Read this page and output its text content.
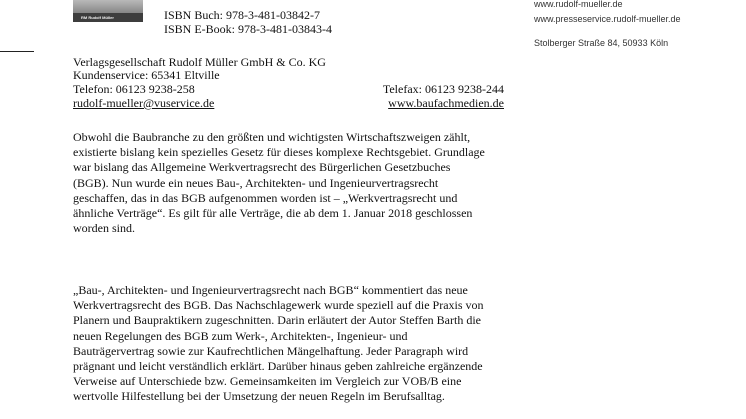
RM Rudolf Müller	ISBN Buch: 978-3-481-03842-7
ISBN E-Book: 978-3-481-03843-4
www.rudolf-mueller.de
www.presseservice.rudolf-mueller.de
Stolberger Straße 84, 50933 Köln
Verlagsgesellschaft Rudolf Müller GmbH & Co. KG
Kundenservice: 65341 Eltville
Telefon: 06123 9238-258	Telefax: 06123 9238-244
rudolf-mueller@vuservice.de	www.baufachmedien.de
Obwohl die Baubranche zu den größten und wichtigsten Wirtschaftszweigen zählt,
existierte bislang kein spezielles Gesetz für dieses komplexe Rechtsgebiet. Grundlage
war bislang das Allgemeine Werkvertragsrecht des Bürgerlichen Gesetzbuches
(BGB). Nun wurde ein neues Bau-, Architekten- und Ingenieurvertragsrecht
geschaffen, das in das BGB aufgenommen worden ist – „Werkvertragsrecht und
ähnliche Verträge“. Es gilt für alle Verträge, die ab dem 1. Januar 2018 geschlossen
worden sind.
„Bau-, Architekten- und Ingenieurvertragsrecht nach BGB“ kommentiert das neue
Werkvertragsrecht des BGB. Das Nachschlagewerk wurde speziell auf die Praxis von
Planern und Baupraktikern zugeschnitten. Darin erläutert der Autor Steffen Barth die
neuen Regelungen des BGB zum Werk-, Architekten-, Ingenieur- und
Bauträgervertrag sowie zur Kaufrechtlichen Mängelhaftung. Jeder Paragraph wird
prägnant und leicht verständlich erklärt. Darüber hinaus geben zahlreiche ergänzende
Verweise auf Unterschiede bzw. Gemeinsamkeiten im Vergleich zur VOB/B eine
wertvolle Hilfestellung bei der Umsetzung der neuen Regeln im Berufsalltag.
